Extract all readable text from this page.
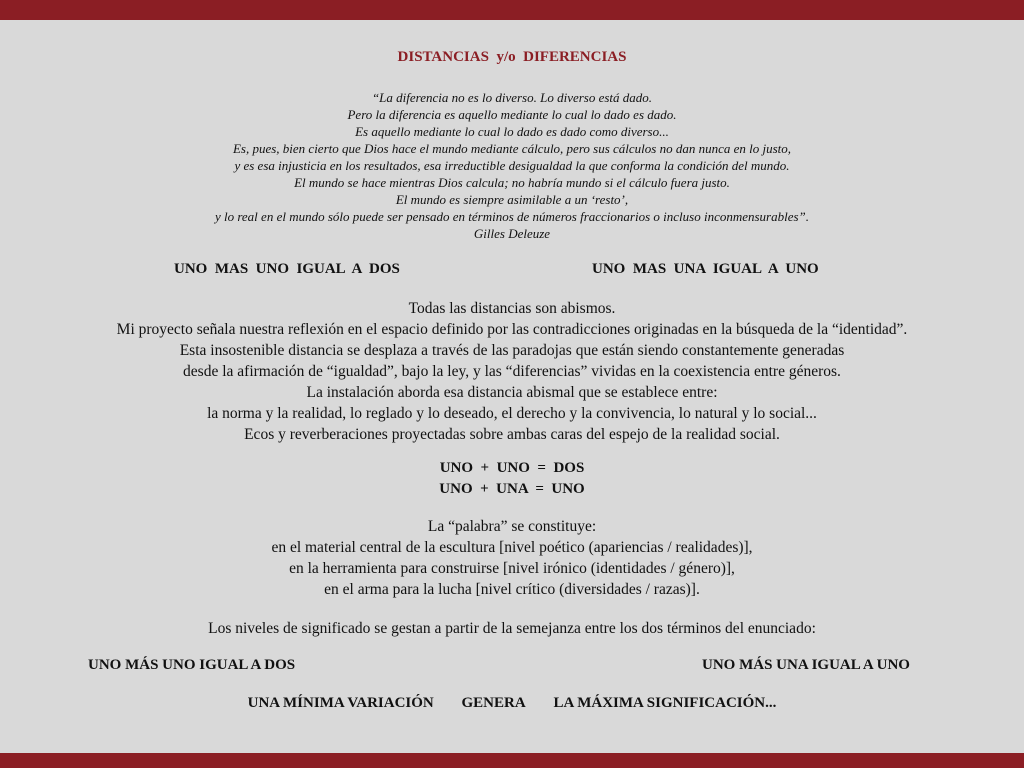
DISTANCIAS  y/o  DIFERENCIAS
“La diferencia no es lo diverso. Lo diverso está dado.
Pero la diferencia es aquello mediante lo cual lo dado es dado.
Es aquello mediante lo cual lo dado es dado como diverso...
Es, pues, bien cierto que Dios hace el mundo mediante cálculo, pero sus cálculos no dan nunca en lo justo,
y es esa injusticia en los resultados, esa irreductible desigualdad la que conforma la condición del mundo.
El mundo se hace mientras Dios calcula; no habría mundo si el cálculo fuera justo.
El mundo es siempre asimilable a un ‘resto’,
y lo real en el mundo sólo puede ser pensado en términos de números fraccionarios o incluso inconmensurables”.
Gilles Deleuze
UNO  MAS  UNO  IGUAL  A  DOS	UNO  MAS  UNA  IGUAL  A  UNO
Todas las distancias son abismos.
Mi proyecto señala nuestra reflexión en el espacio definido por las contradicciones originadas en la búsqueda de la “identidad”.
Esta insostenible distancia se desplaza a través de las paradojas que están siendo constantemente generadas
desde la afirmación de “igualdad”, bajo la ley, y las “diferencias” vividas en la coexistencia entre géneros.
La instalación aborda esa distancia abismal que se establece entre:
la norma y la realidad, lo reglado y lo deseado, el derecho y la convivencia, lo natural y lo social...
Ecos y reverberaciones proyectadas sobre ambas caras del espejo de la realidad social.
UNO  +  UNO  =  DOS
UNO  +  UNA  =  UNO
La “palabra” se constituye:
en el material central de la escultura [nivel poético (apariencias / realidades)],
en la herramienta para construirse [nivel irónico (identidades / género)],
en el arma para la lucha [nivel crítico (diversidades / razas)].
Los niveles de significado se gestan a partir de la semejanza entre los dos términos del enunciado:
UNO MÁS UNO IGUAL A DOS	UNO MÁS UNA IGUAL A UNO
UNA MÍNIMA VARIACIÓN GENERA LA MÁXIMA SIGNIFICACIÓN...
